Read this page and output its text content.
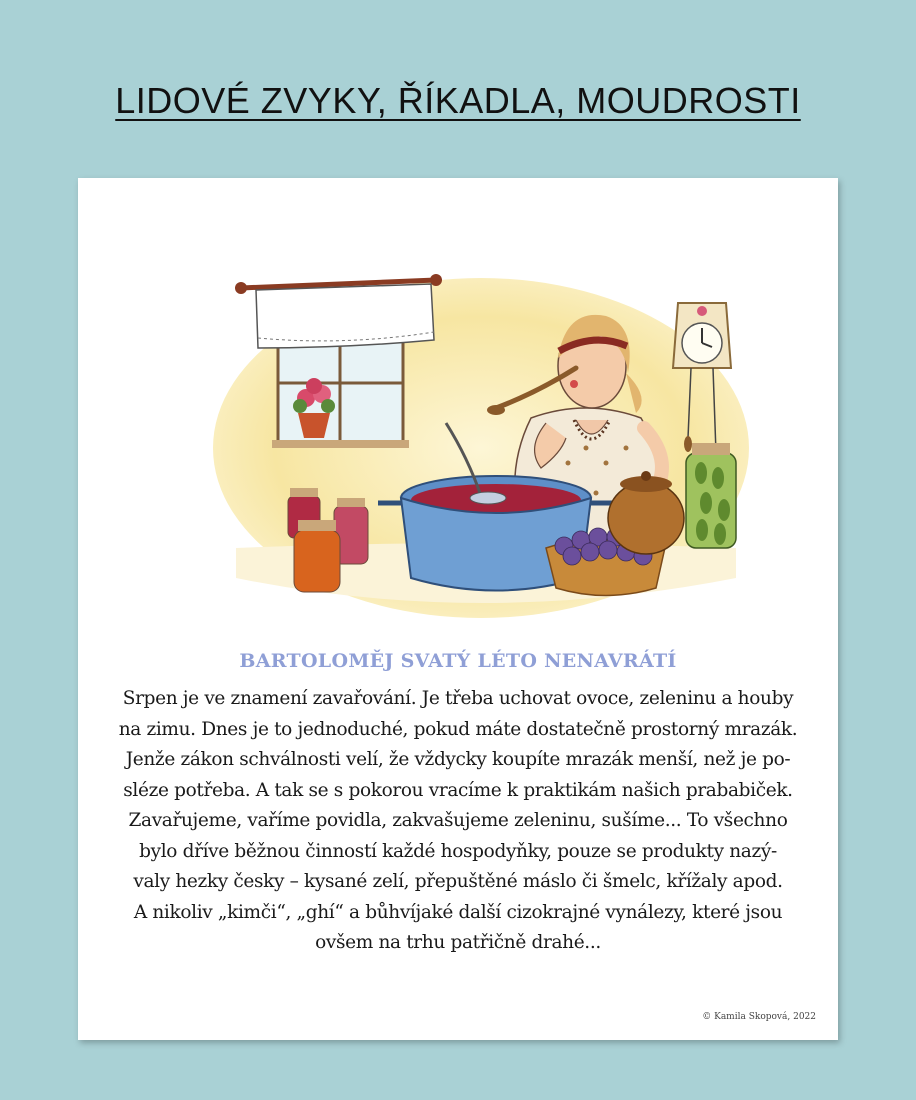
LIDOVÉ ZVYKY, ŘÍKADLA, MOUDROSTI
BARTOLOMĚJ SVATÝ LÉTO NENAVRÁTÍ
Srpen je ve znamení zavařování. Je třeba uchovat ovoce, zeleninu a houby
na zimu. Dnes je to jednoduché, pokud máte dostatečně prostorný mrazák.
Jenže zákon schválnosti velí, že vždycky koupíte mrazák menší, než je po-
sléze potřeba. A tak se s pokorou vracíme k praktikám našich prababiček.
Zavařujeme, vaříme povidla, zakvašujeme zeleninu, sušíme... To všechno
bylo dříve běžnou činností každé hospodyňky, pouze se produkty nazý-
valy hezky česky – kysané zelí, přepuštěné máslo či šmelc, křížaly apod.
A nikoliv „kimči“, „ghí“ a bůhvíjaké další cizokrajné vynálezy, které jsou
ovšem na trhu patřičně drahé...
© Kamila Skopová, 2022
